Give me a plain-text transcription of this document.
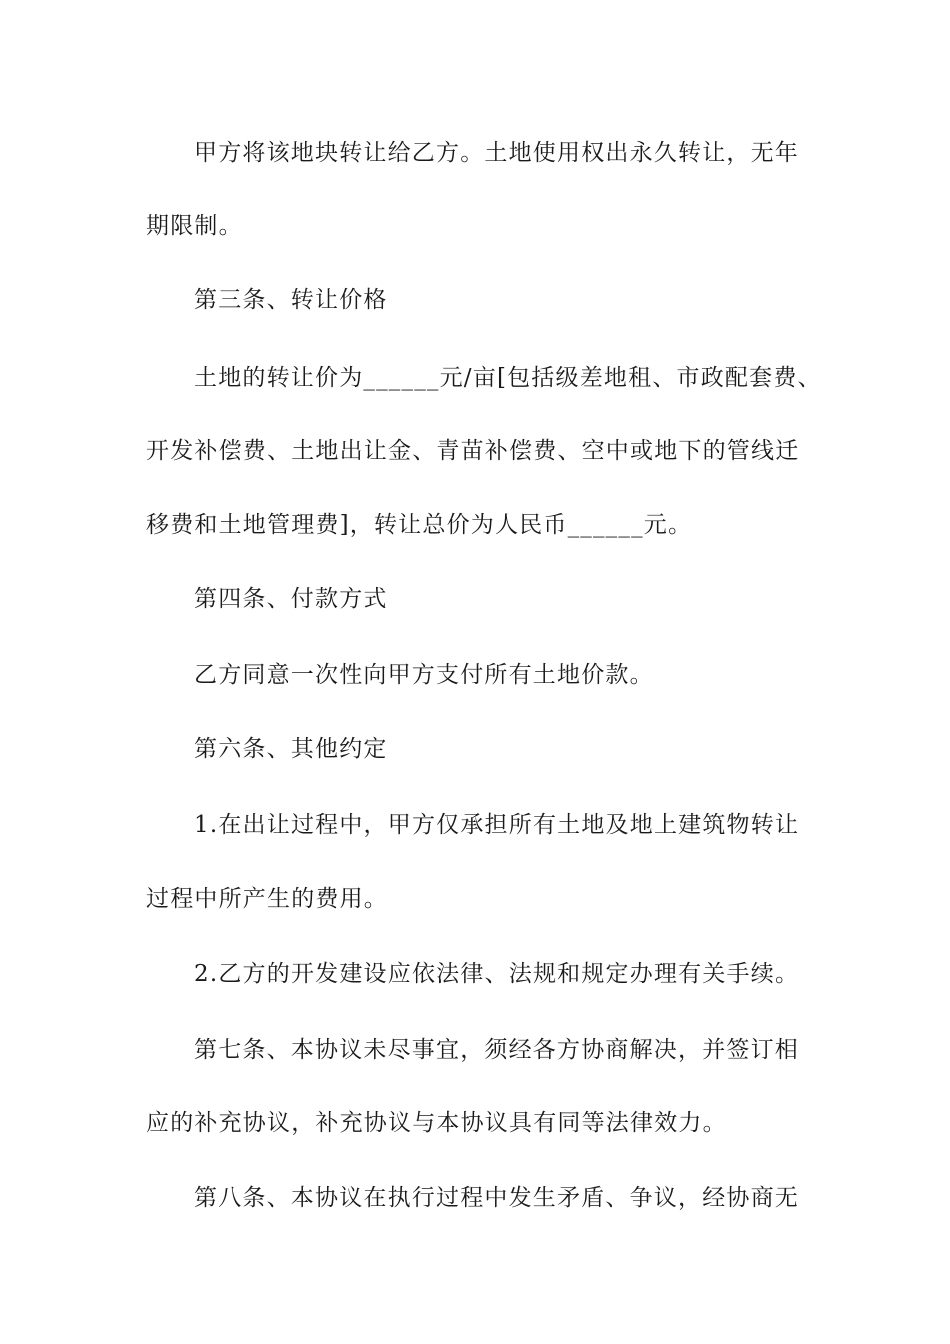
甲方将该地块转让给乙方。土地使用权出永久转让，无年
期限制。
第三条、转让价格
土地的转让价为______元/亩[包括级差地租、市政配套费、
开发补偿费、土地出让金、青苗补偿费、空中或地下的管线迁
移费和土地管理费]，转让总价为人民币______元。
第四条、付款方式
乙方同意一次性向甲方支付所有土地价款。
第六条、其他约定
1.在出让过程中，甲方仅承担所有土地及地上建筑物转让
过程中所产生的费用。
2.乙方的开发建设应依法律、法规和规定办理有关手续。
第七条、本协议未尽事宜，须经各方协商解决，并签订相
应的补充协议，补充协议与本协议具有同等法律效力。
第八条、本协议在执行过程中发生矛盾、争议，经协商无
